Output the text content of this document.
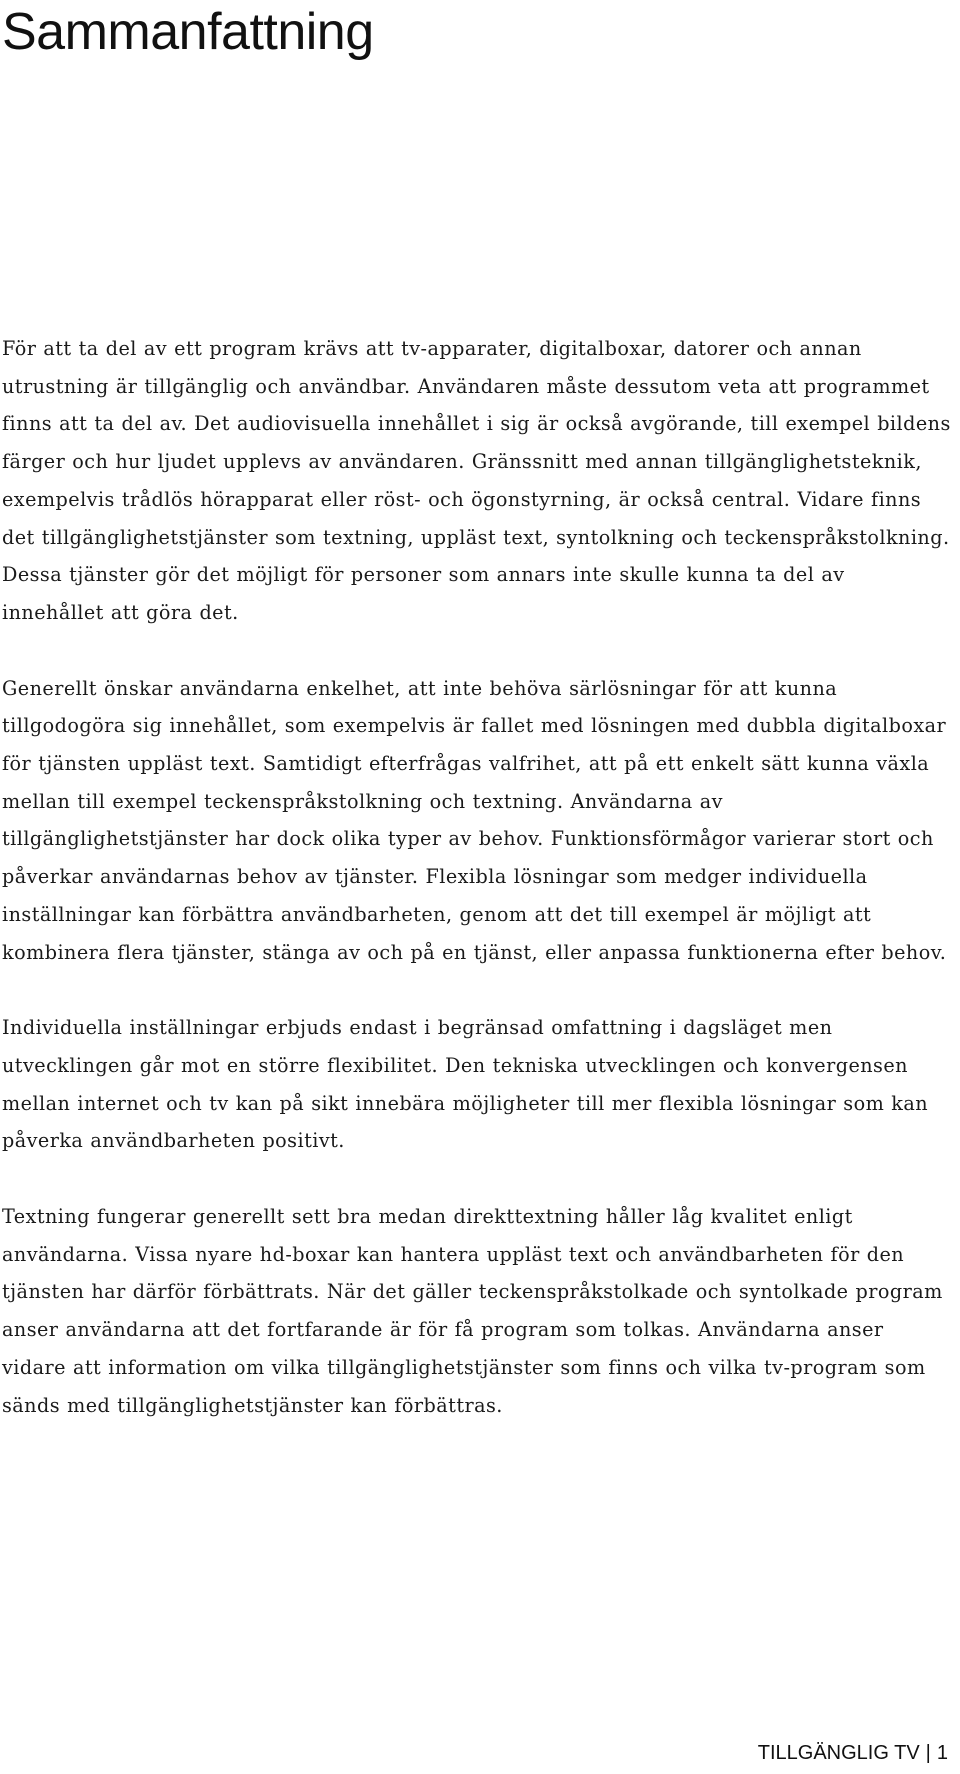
Sammanfattning

För att ta del av ett program krävs att tv-apparater, digitalboxar, datorer och annan utrustning är tillgänglig och användbar. Användaren måste dessutom veta att programmet finns att ta del av. Det audiovisuella innehållet i sig är också avgörande, till exempel bildens färger och hur ljudet upplevs av användaren. Gränssnitt med annan tillgänglighetsteknik, exempelvis trådlös hörapparat eller röst- och ögonstyrning, är också central. Vidare finns det tillgänglighetstjänster som textning, uppläst text, syntolkning och teckenspråkstolkning. Dessa tjänster gör det möjligt för personer som annars inte skulle kunna ta del av innehållet att göra det.

Generellt önskar användarna enkelhet, att inte behöva särlösningar för att kunna tillgodogöra sig innehållet, som exempelvis är fallet med lösningen med dubbla digitalboxar för tjänsten uppläst text. Samtidigt efterfrågas valfrihet, att på ett enkelt sätt kunna växla mellan till exempel teckenspråkstolkning och textning. Användarna av tillgänglighetstjänster har dock olika typer av behov. Funktionsförmågor varierar stort och påverkar användarnas behov av tjänster. Flexibla lösningar som medger individuella inställningar kan förbättra användbarheten, genom att det till exempel är möjligt att kombinera flera tjänster, stänga av och på en tjänst, eller anpassa funktionerna efter behov.

Individuella inställningar erbjuds endast i begränsad omfattning i dagsläget men utvecklingen går mot en större flexibilitet. Den tekniska utvecklingen och konvergensen mellan internet och tv kan på sikt innebära möjligheter till mer flexibla lösningar som kan påverka användbarheten positivt.

Textning fungerar generellt sett bra medan direkttextning håller låg kvalitet enligt användarna. Vissa nyare hd-boxar kan hantera uppläst text och användbarheten för den tjänsten har därför förbättrats. När det gäller teckenspråkstolkade och syntolkade program anser användarna att det fortfarande är för få program som tolkas. Användarna anser vidare att information om vilka tillgänglighetstjänster som finns och vilka tv-program som sänds med tillgänglighetstjänster kan förbättras.

TILLGÄNGLIG TV | 1
